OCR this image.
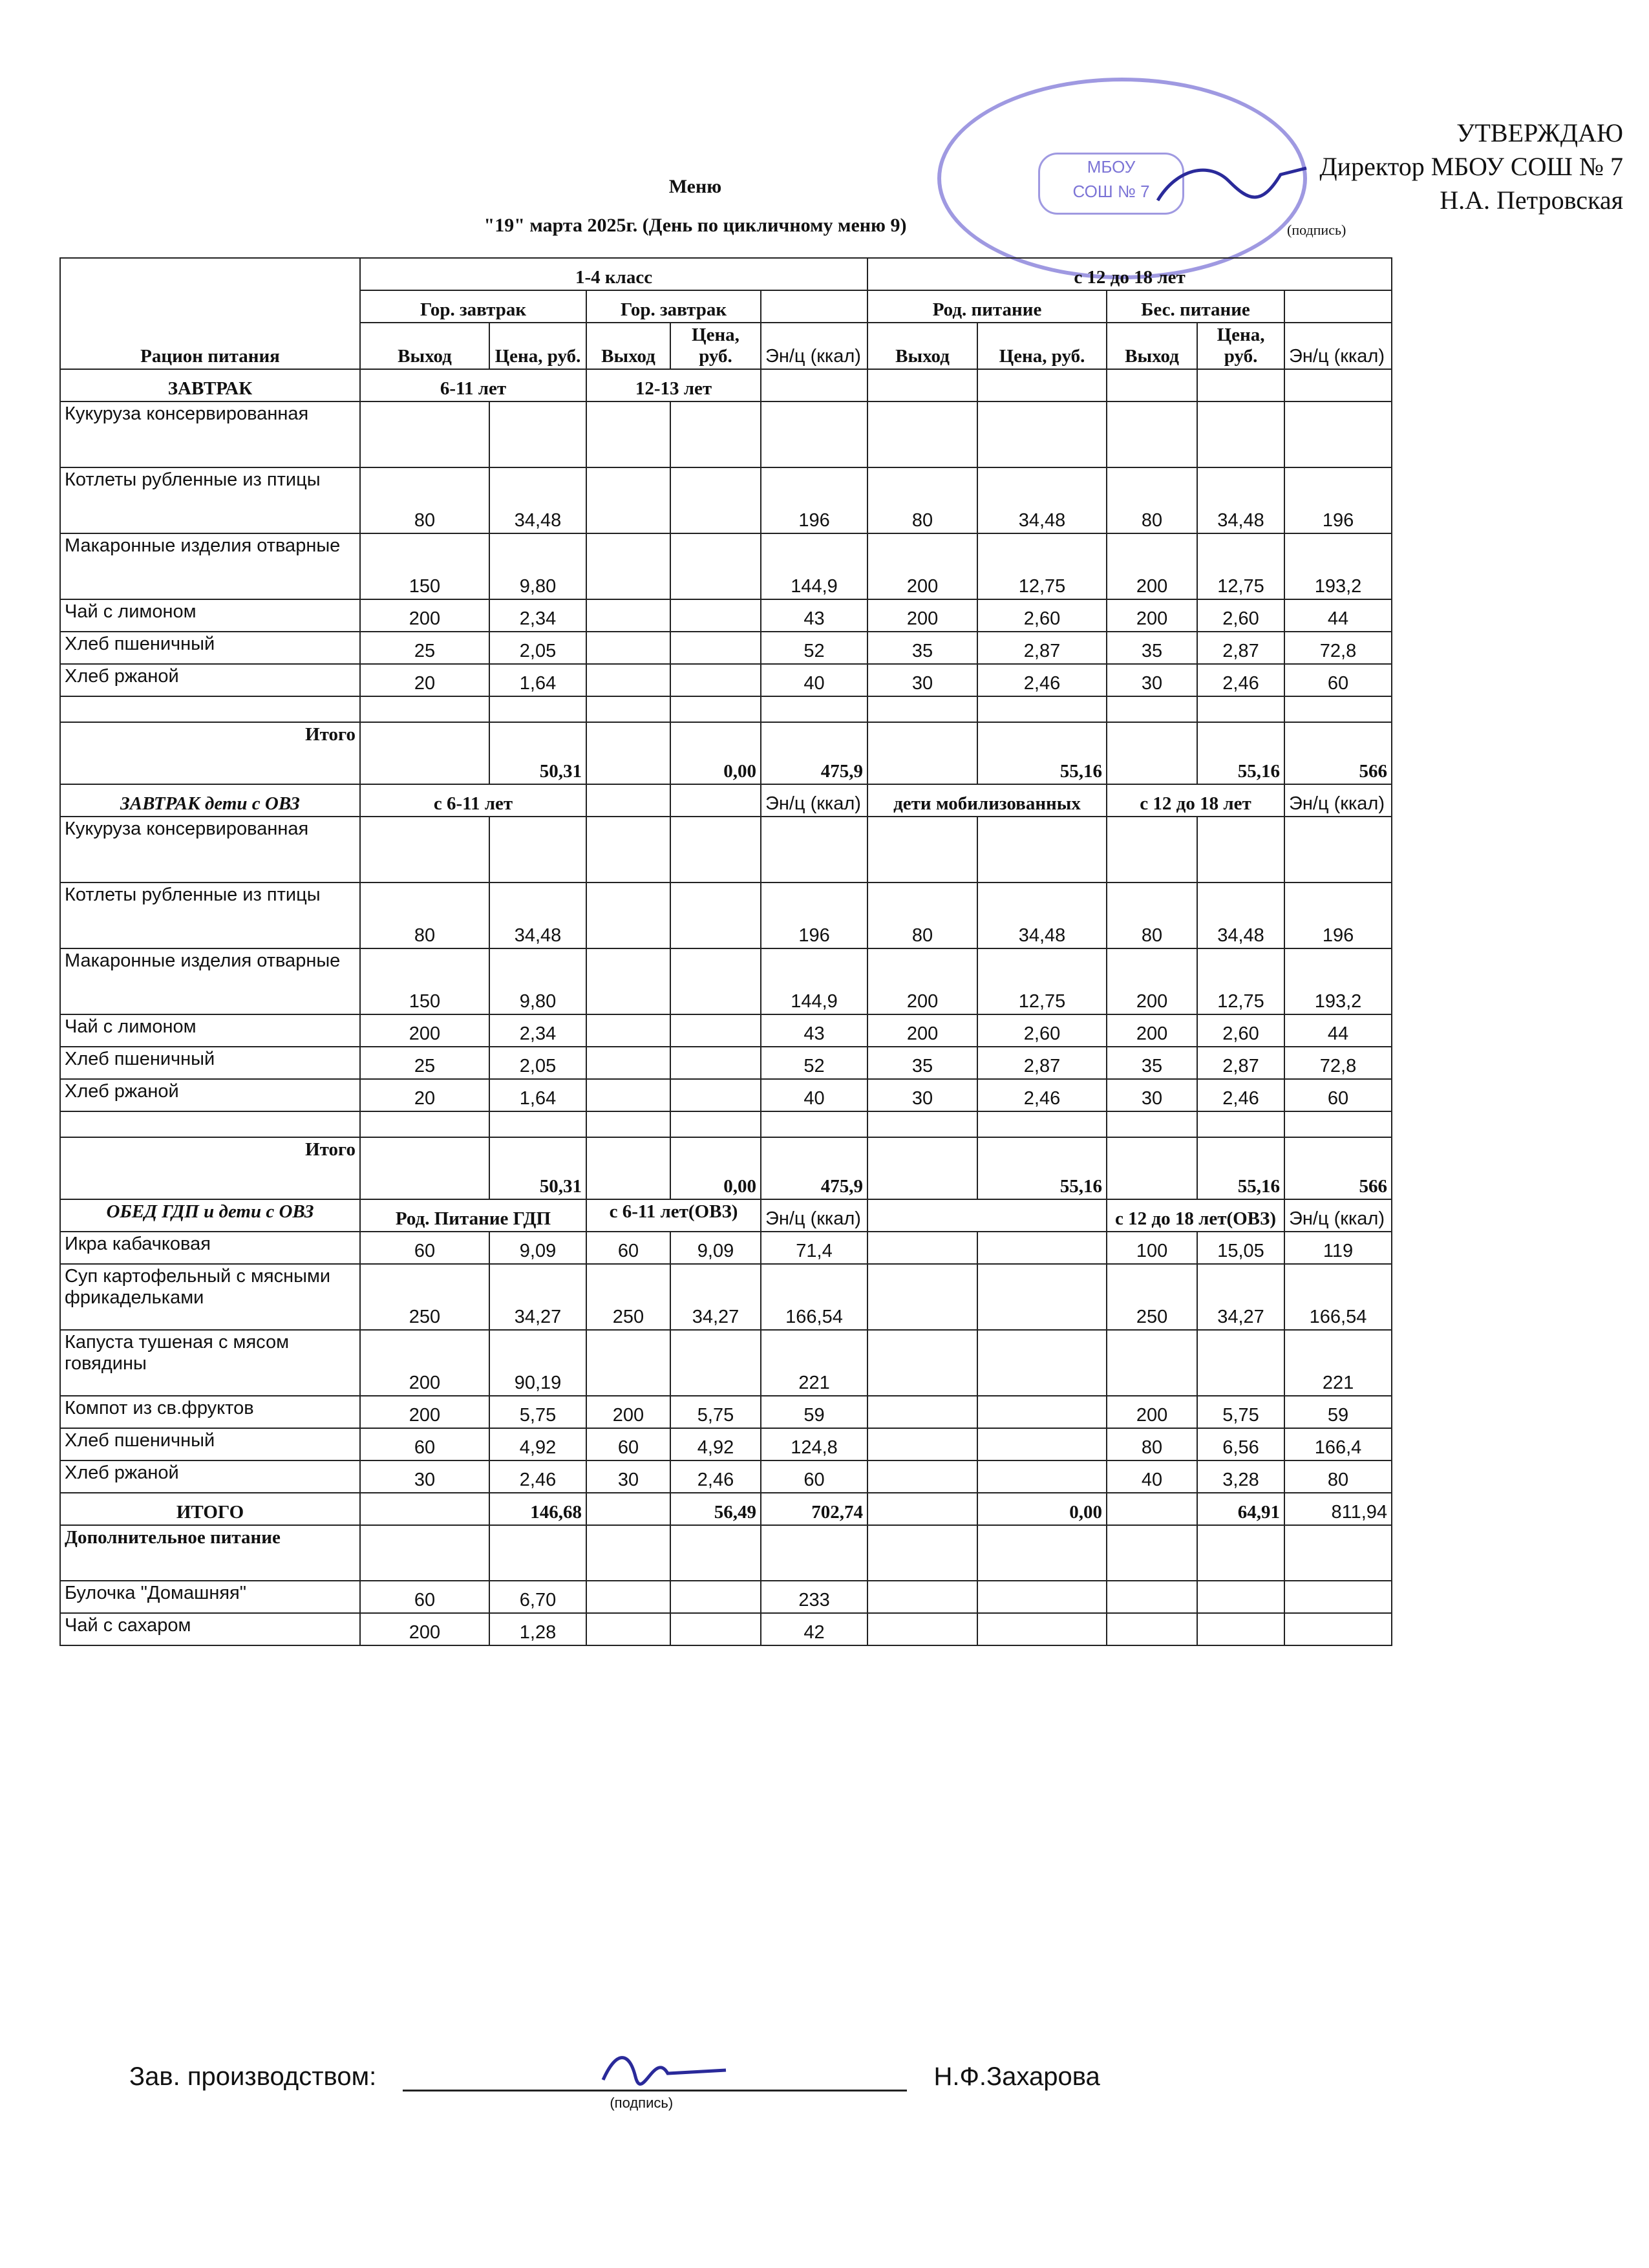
МБОУ
СОШ № 7
УТВЕРЖДАЮ
Директор МБОУ СОШ № 7
Н.А. Петровская
(подпись)
Меню
"19" марта 2025г. (День по цикличному меню 9)
Рацион питания	1-4 класс					с 12 до 18 лет				
	Гор. завтрак		Гор. завтрак			Род. питание		Бес. питание		
	Выход	Цена, руб.	Выход	Цена, руб.	Эн/ц (ккал)	Выход	Цена, руб.	Выход	Цена, руб.	Эн/ц (ккал)
ЗАВТРАК	6-11 лет		12-13 лет							
Кукуруза консервированная										
Котлеты рубленные из птицы	80	34,48			196	80	34,48	80	34,48	196
Макаронные изделия отварные	150	9,80			144,9	200	12,75	200	12,75	193,2
Чай с лимоном	200	2,34			43	200	2,60	200	2,60	44
Хлеб пшеничный	25	2,05			52	35	2,87	35	2,87	72,8
Хлеб ржаной	20	1,64			40	30	2,46	30	2,46	60

Итого		50,31		0,00	475,9		55,16		55,16	566
ЗАВТРАК дети с ОВЗ	с 6-11 лет				Эн/ц (ккал)	дети мобилизованных		с 12 до 18 лет		Эн/ц (ккал)
Кукуруза консервированная										
Котлеты рубленные из птицы	80	34,48			196	80	34,48	80	34,48	196
Макаронные изделия отварные	150	9,80			144,9	200	12,75	200	12,75	193,2
Чай с лимоном	200	2,34			43	200	2,60	200	2,60	44
Хлеб пшеничный	25	2,05			52	35	2,87	35	2,87	72,8
Хлеб ржаной	20	1,64			40	30	2,46	30	2,46	60

Итого		50,31		0,00	475,9		55,16		55,16	566
ОБЕД ГДП и дети с ОВЗ	Род. Питание ГДП		с 6-11 лет(ОВЗ)		Эн/ц (ккал)			с 12 до 18 лет(ОВЗ)		Эн/ц (ккал)
Икра кабачковая	60	9,09	60	9,09	71,4			100	15,05	119
Суп картофельный с мясными фрикадельками	250	34,27	250	34,27	166,54			250	34,27	166,54
Капуста тушеная с мясом говядины	200	90,19			221					221
Компот из св.фруктов	200	5,75	200	5,75	59			200	5,75	59
Хлеб пшеничный	60	4,92	60	4,92	124,8			80	6,56	166,4
Хлеб ржаной	30	2,46	30	2,46	60			40	3,28	80
ИТОГО		146,68		56,49	702,74		0,00		64,91	811,94
Дополнительное питание										
Булочка "Домашняя"	60	6,70			233					
Чай с сахаром	200	1,28			42					
Зав. производством:
(подпись)
Н.Ф.Захарова
